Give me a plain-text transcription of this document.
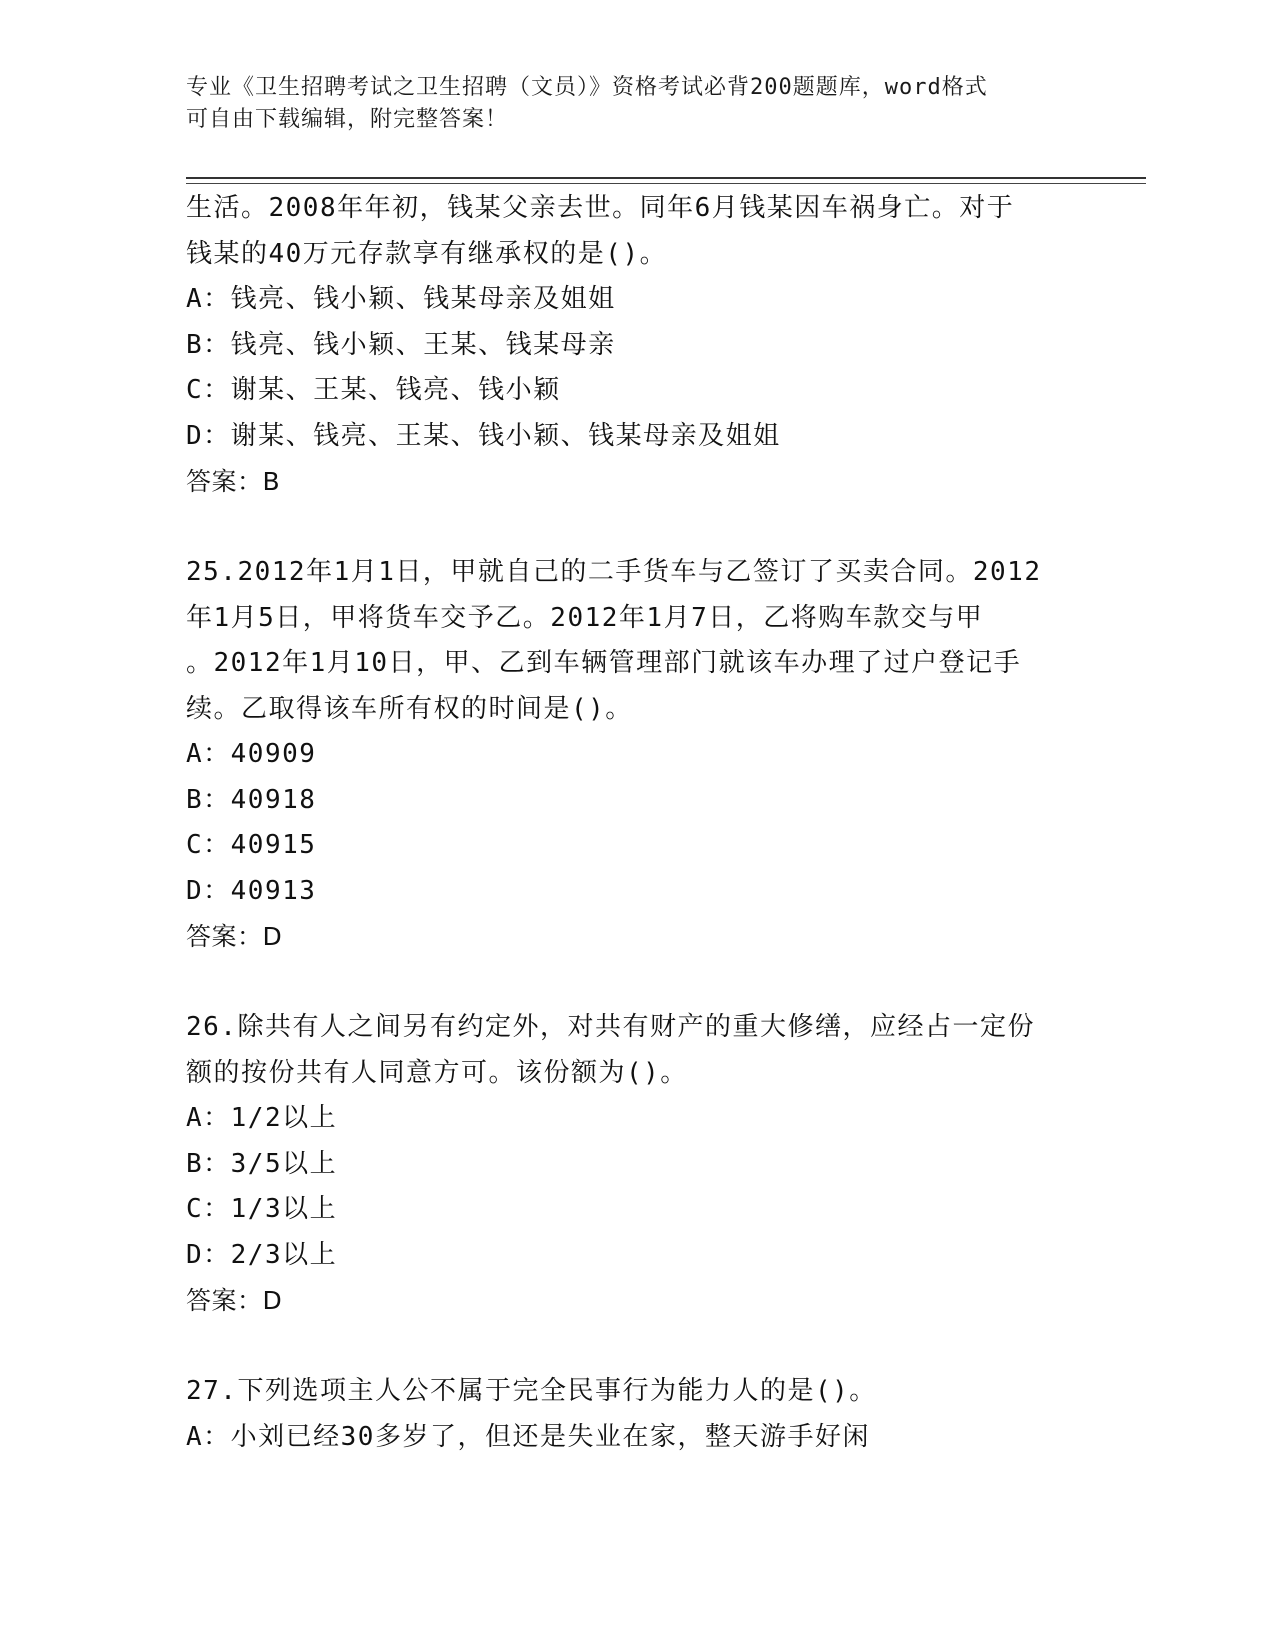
专业《卫生招聘考试之卫生招聘（文员）》资格考试必背200题题库，word格式
可自由下载编辑，附完整答案！
生活。2008年年初，钱某父亲去世。同年6月钱某因车祸身亡。对于
钱某的40万元存款享有继承权的是()。
A：钱亮、钱小颖、钱某母亲及姐姐
B：钱亮、钱小颖、王某、钱某母亲
C：谢某、王某、钱亮、钱小颖
D：谢某、钱亮、王某、钱小颖、钱某母亲及姐姐
答案：B
25.2012年1月1日，甲就自己的二手货车与乙签订了买卖合同。2012
年1月5日，甲将货车交予乙。2012年1月7日，乙将购车款交与甲
。2012年1月10日，甲、乙到车辆管理部门就该车办理了过户登记手
续。乙取得该车所有权的时间是()。
A：40909
B：40918
C：40915
D：40913
答案：D
26.除共有人之间另有约定外，对共有财产的重大修缮，应经占一定份
额的按份共有人同意方可。该份额为()。
A：1/2以上
B：3/5以上
C：1/3以上
D：2/3以上
答案：D
27.下列选项主人公不属于完全民事行为能力人的是()。
A：小刘已经30多岁了，但还是失业在家，整天游手好闲
